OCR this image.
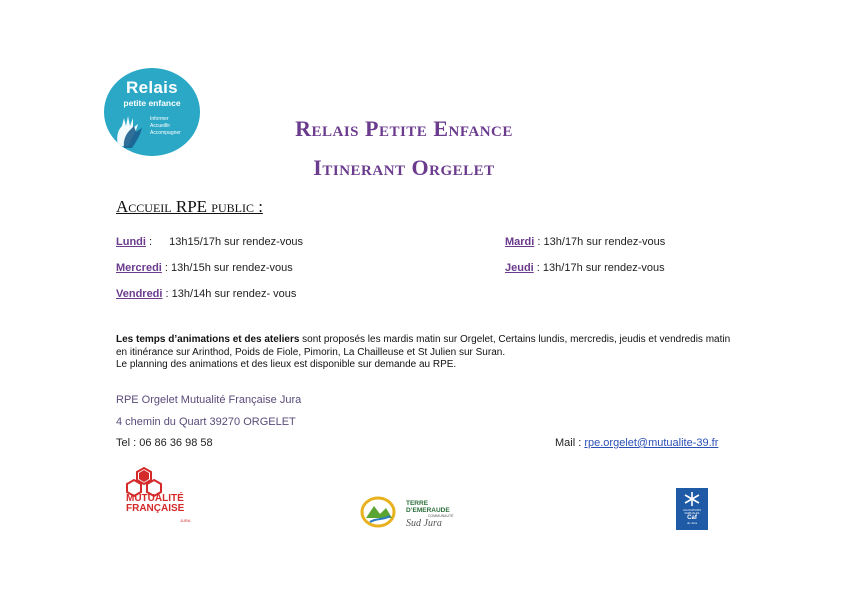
Relais
petite enfance
Informer
Accueillir
Accompagner	Relais Petite Enfance
Itinerant Orgelet
Accueil RPE public :
Lundi : 13h15/17h sur rendez-vous	Mardi : 13h/17h sur rendez-vous
Mercredi : 13h/15h sur rendez-vous	Jeudi : 13h/17h sur rendez-vous
Vendredi : 13h/14h sur rendez- vous
Les temps d’animations et des ateliers sont proposés les mardis matin sur Orgelet, Certains lundis, mercredis, jeudis et vendredis matin en itinérance sur Arinthod, Poids de Fiole, Pimorin, La Chailleuse et St Julien sur Suran.
Le planning des animations et des lieux est disponible sur demande au RPE.
RPE Orgelet Mutualité Française Jura
4 chemin du Quart 39270 ORGELET
Tel : 06 86 36 98 58	Mail : rpe.orgelet@mutualite-39.fr
MUTUALITÉ
FRANÇAISE
JURA
TERRE
D’EMERAUDE
COMMUNAUTÉ
Sud Jura
ALLOCATIONS FAMILIALES
Caf
du Jura
